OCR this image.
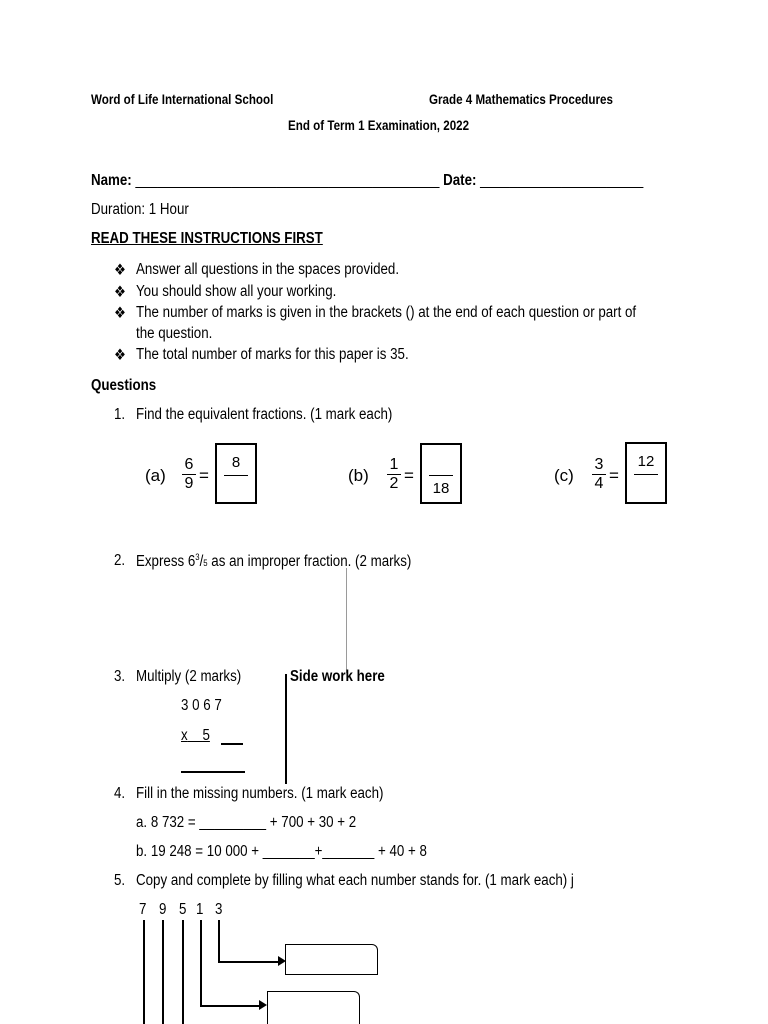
Word of Life International School	Grade 4 Mathematics Procedures
End of Term 1 Examination, 2022
Name: _________________________________________ Date: ______________________
Duration: 1 Hour
READ THESE INSTRUCTIONS FIRST
❖ Answer all questions in the spaces provided.
❖ You should show all your working.
❖ The number of marks is given in the brackets () at the end of each question or part of
the question.
❖ The total number of marks for this paper is 35.
Questions
1. Find the equivalent fractions. (1 mark each)
(a)
6
9 =
8
(b)
1
2 =
18
(c)
3
4 =
12
2. Express $6^3/5$ as an improper fraction. (2 marks)
3. Multiply (2 marks)	Side work here
3 0 6 7
x 5
4. Fill in the missing numbers. (1 mark each)
a. 8 732 = _________ + 700 + 30 + 2
b. 19 248 = 10 000 + _______+_______ + 40 + 8
5. Copy and complete by filling what each number stands for. (1 mark each) j
7 9 5 1 3
